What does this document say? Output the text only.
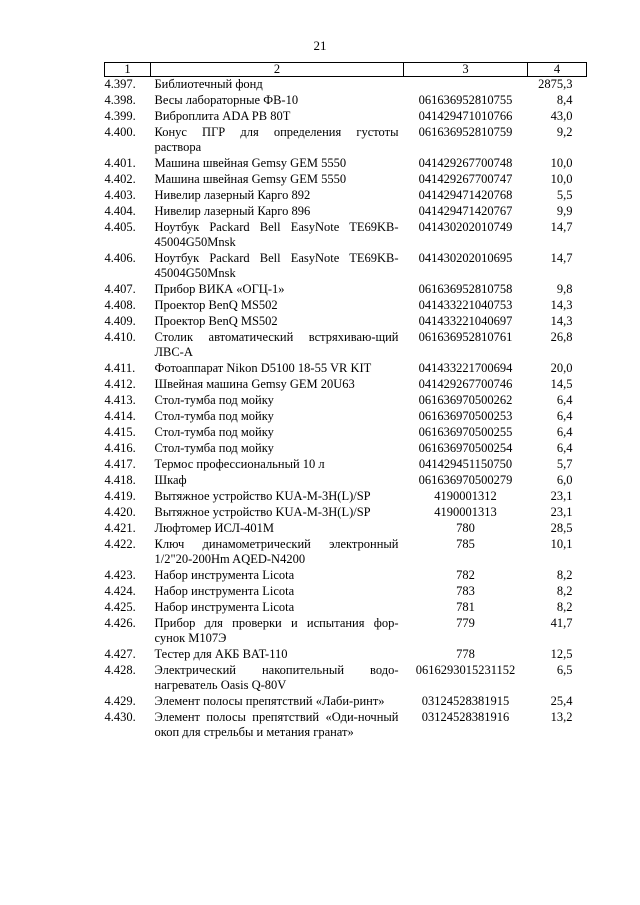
21
1	2	3	4
4.397.	Библиотечный фонд		2875,3
4.398.	Весы лабораторные ФВ-10	061636952810755	8,4
4.399.	Виброплита ADA PB 80T	041429471010766	43,0
4.400.	Конус ПГР для определения густоты раствора	061636952810759	9,2
4.401.	Машина швейная Gemsy GEM 5550	041429267700748	10,0
4.402.	Машина швейная Gemsy GEM 5550	041429267700747	10,0
4.403.	Нивелир лазерный Карго 892	041429471420768	5,5
4.404.	Нивелир лазерный Карго 896	041429471420767	9,9
4.405.	Ноутбук Packard Bell EasyNote TE69KB-45004G50Mnsk	041430202010749	14,7
4.406.	Ноутбук Packard Bell EasyNote TE69KB-45004G50Mnsk	041430202010695	14,7
4.407.	Прибор ВИКА «ОГЦ-1»	061636952810758	9,8
4.408.	Проектор BenQ MS502	041433221040753	14,3
4.409.	Проектор BenQ MS502	041433221040697	14,3
4.410.	Столик автоматический встряхиваю-щий ЛВС-А	061636952810761	26,8
4.411.	Фотоаппарат Nikon D5100 18-55 VR KIT	041433221700694	20,0
4.412.	Швейная машина Gemsy GEM 20U63	041429267700746	14,5
4.413.	Стол-тумба под мойку	061636970500262	6,4
4.414.	Стол-тумба под мойку	061636970500253	6,4
4.415.	Стол-тумба под мойку	061636970500255	6,4
4.416.	Стол-тумба под мойку	061636970500254	6,4
4.417.	Термос профессиональный 10 л	041429451150750	5,7
4.418.	Шкаф	061636970500279	6,0
4.419.	Вытяжное устройство KUA-M-3H(L)/SP	4190001312	23,1
4.420.	Вытяжное устройство KUA-M-3H(L)/SP	4190001313	23,1
4.421.	Люфтомер ИСЛ-401М	780	28,5
4.422.	Ключ динамометрический электронный 1/2"20-200Hm AQED-N4200	785	10,1
4.423.	Набор инструмента Licota	782	8,2
4.424.	Набор инструмента Licota	783	8,2
4.425.	Набор инструмента Licota	781	8,2
4.426.	Прибор для проверки и испытания фор-сунок М107Э	779	41,7
4.427.	Тестер для АКБ BAT-110	778	12,5
4.428.	Электрический накопительный водо-нагреватель Oasis Q-80V	0616293015231152	6,5
4.429.	Элемент полосы препятствий «Лаби-ринт»	03124528381915	25,4
4.430.	Элемент полосы препятствий «Оди-ночный окоп для стрельбы и метания гранат»	03124528381916	13,2
